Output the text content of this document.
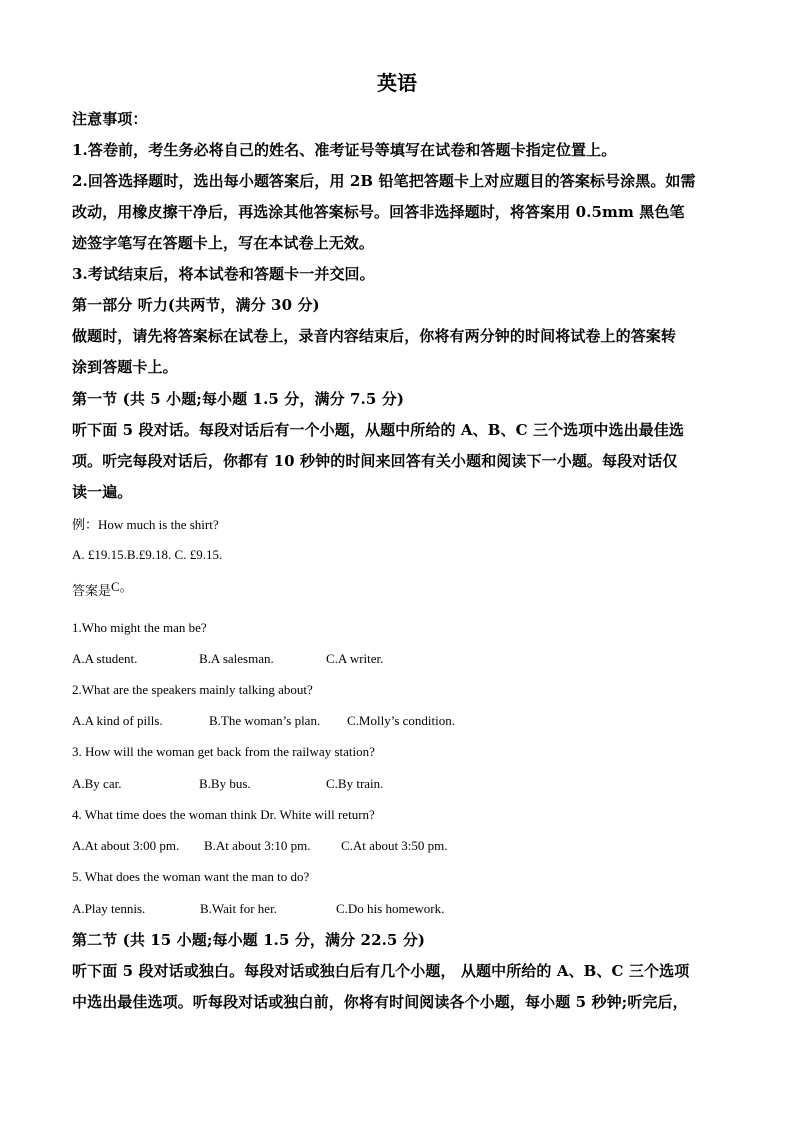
英语
注意事项：
1.答卷前，考生务必将自己的姓名、准考证号等填写在试卷和答题卡指定位置上。
2.回答选择题时，选出每小题答案后，用 2B 铅笔把答题卡上对应题目的答案标号涂黑。如需
改动，用橡皮擦干净后，再选涂其他答案标号。回答非选择题时，将答案用 0.5mm 黑色笔
迹签字笔写在答题卡上，写在本试卷上无效。
3.考试结束后，将本试卷和答题卡一并交回。
第一部分 听力(共两节，满分 30 分)
做题时，请先将答案标在试卷上，录音内容结束后，你将有两分钟的时间将试卷上的答案转
涂到答题卡上。
第一节 (共 5 小题;每小题 1.5 分，满分 7.5 分)
听下面 5 段对话。每段对话后有一个小题，从题中所给的 A、B、C 三个选项中选出最佳选
项。听完每段对话后，你都有 10 秒钟的时间来回答有关小题和阅读下一小题。每段对话仅
读一遍。
例：How much is the shirt?
A. £19.15.B.£9.18. C. £9.15.
$_{答案是}$C。
1.Who might the man be?
A.A student.	B.A salesman.	C.A writer.
2.What are the speakers mainly talking about?
A.A kind of pills.	B.The woman’s plan. C.Molly’s condition.
3. How will the woman get back from the railway station?
A.By car.	B.By bus.	C.By train.
4. What time does the woman think Dr. White will return?
A.At about 3:00 pm. B.At about 3:10 pm. C.At about 3:50 pm.
5. What does the woman want the man to do?
A.Play tennis.	B.Wait for her.	C.Do his homework.
第二节 (共 15 小题;每小题 1.5 分，满分 22.5 分)
听下面 5 段对话或独白。每段对话或独白后有几个小题， 从题中所给的 A、B、C 三个选项
中选出最佳选项。听每段对话或独白前，你将有时间阅读各个小题，每小题 5 秒钟;听完后，
